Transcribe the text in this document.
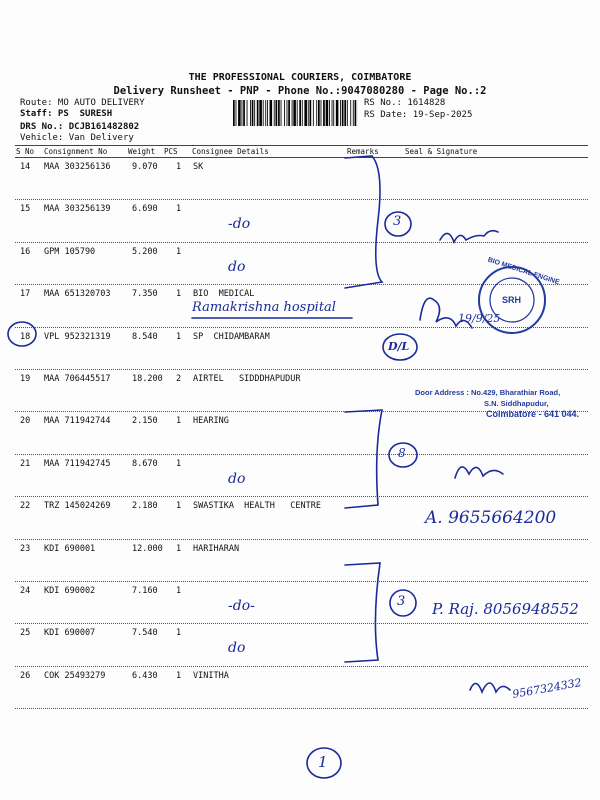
THE PROFESSIONAL COURIERS, COIMBATORE
Delivery Runsheet - PNP - Phone No.:9047080280 - Page No.:2
Route: MO AUTO DELIVERY
Staff: PS  SURESH
DRS No.: DCJB161482802
Vehicle: Van Delivery
RS No.: 1614828
RS Date: 19-Sep-2025
S No Consignment No	Weight PCS Consignee Details	Remarks	Seal & Signature
14 MAA 303256136	9.070 1 SK
15 MAA 303256139	6.690 1
-do
16 GPM 105790	5.200 1
do
17 MAA 651320703	7.350 1 BIO  MEDICAL
Ramakrishna hospital
18 VPL 952321319	8.540 1 SP  CHIDAMBARAM
19 MAA 706445517	18.200 2 AIRTEL   SIDDDHAPUDUR
20 MAA 711942744	2.150 1 HEARING
21 MAA 711942745	8.670 1
do
22 TRZ 145024269	2.180 1 SWASTIKA  HEALTH   CENTRE
23 KDI 690001	12.000 1 HARIHARAN
24 KDI 690002	7.160 1
-do-
25 KDI 690007	7.540 1
do
26 COK 25493279	6.430 1 VINITHA
3
8
3
D/L
19/9/25
A. 9655664200
P. Raj. 8056948552
9567324332
1
BIO MEDICAL ENGINE
SRH
Door Address : No.429, Bharathiar Road,
S.N. Siddhapudur,
Coimbatore - 641 044.
